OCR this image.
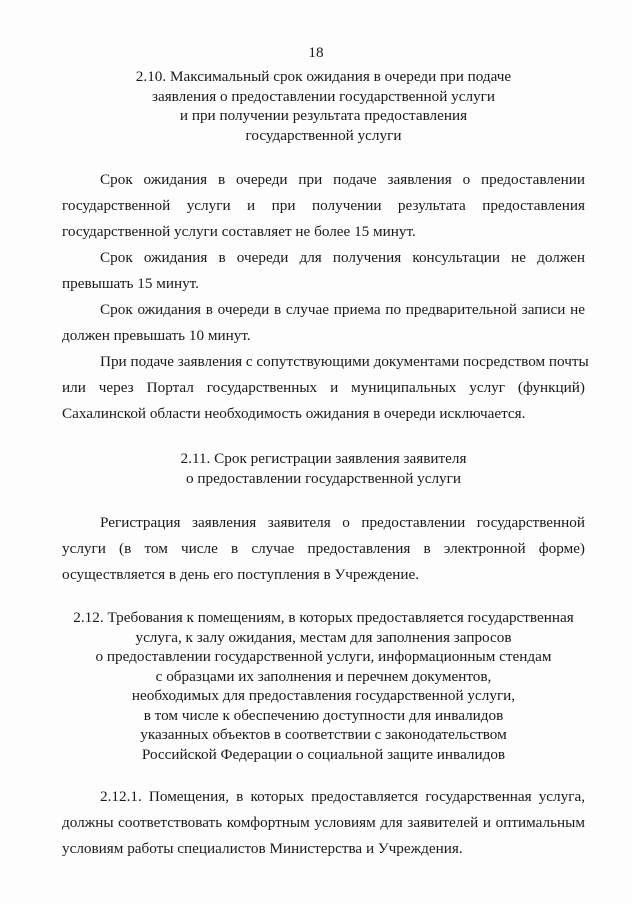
18
2.10. Максимальный срок ожидания в очереди при подаче
заявления о предоставлении государственной услуги
и при получении результата предоставления
государственной услуги
Срок ожидания в очереди при подаче заявления о предоставлении
государственной услуги и при получении результата предоставления
государственной услуги составляет не более 15 минут.
Срок ожидания в очереди для получения консультации не должен
превышать 15 минут.
Срок ожидания в очереди в случае приема по предварительной записи не
должен превышать 10 минут.
При подаче заявления с сопутствующими документами посредством почты
или через Портал государственных и муниципальных услуг (функций)
Сахалинской области необходимость ожидания в очереди исключается.
2.11. Срок регистрации заявления заявителя
о предоставлении государственной услуги
Регистрация заявления заявителя о предоставлении государственной
услуги (в том числе в случае предоставления в электронной форме)
осуществляется в день его поступления в Учреждение.
2.12. Требования к помещениям, в которых предоставляется государственная
услуга, к залу ожидания, местам для заполнения запросов
о предоставлении государственной услуги, информационным стендам
с образцами их заполнения и перечнем документов,
необходимых для предоставления государственной услуги,
в том числе к обеспечению доступности для инвалидов
указанных объектов в соответствии с законодательством
Российской Федерации о социальной защите инвалидов
2.12.1. Помещения, в которых предоставляется государственная услуга,
должны соответствовать комфортным условиям для заявителей и оптимальным
условиям работы специалистов Министерства и Учреждения.
